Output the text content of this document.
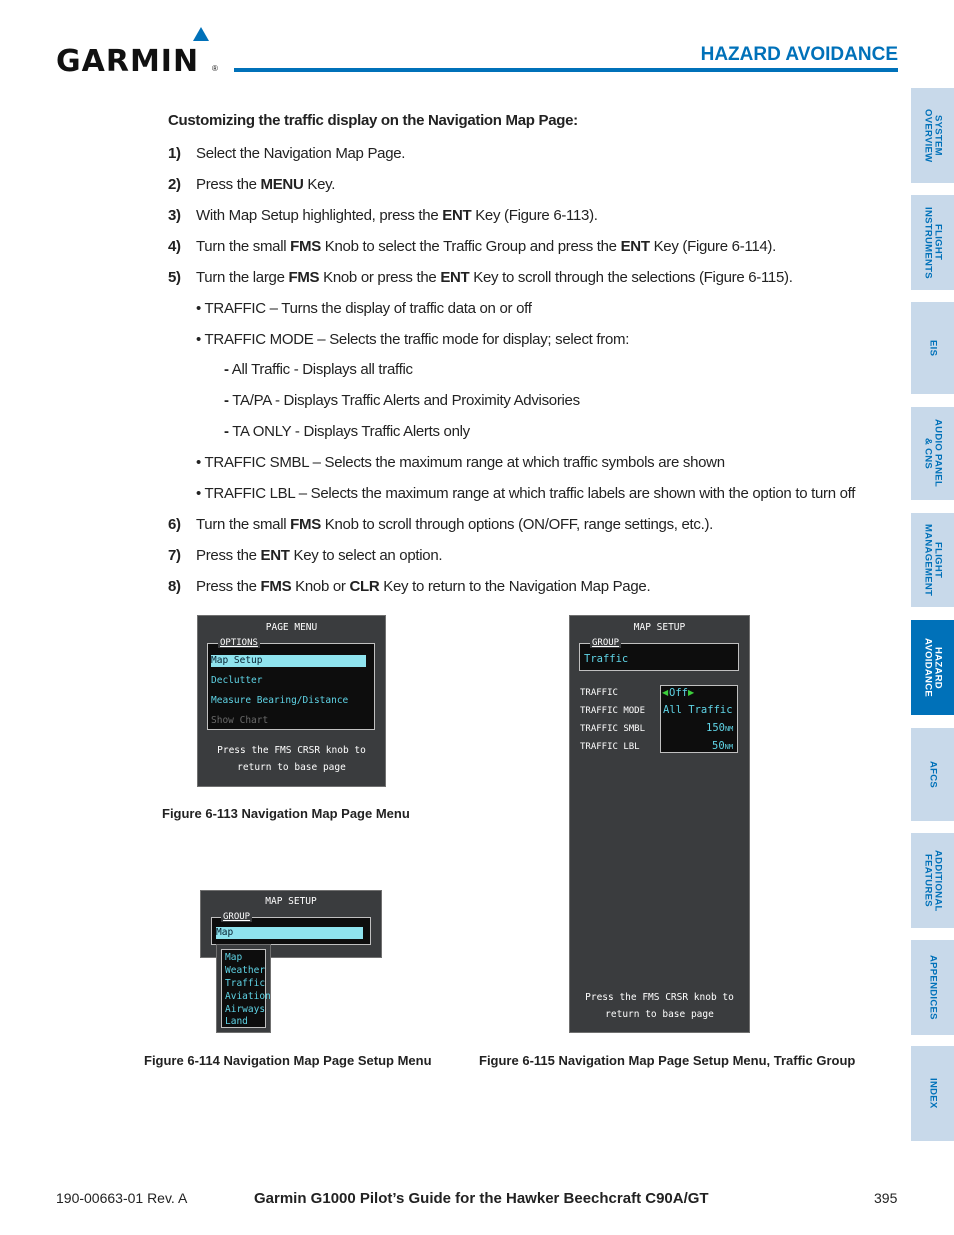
GARMIN ®
HAZARD AVOIDANCE
Customizing the traffic display on the Navigation Map Page:
1) Select the Navigation Map Page.
2) Press the MENU Key.
3) With Map Setup highlighted, press the ENT Key (Figure 6-113).
4) Turn the small FMS Knob to select the Traffic Group and press the ENT Key (Figure 6-114).
5) Turn the large FMS Knob or press the ENT Key to scroll through the selections (Figure 6-115).
• TRAFFIC – Turns the display of traffic data on or off
• TRAFFIC MODE – Selects the traffic mode for display; select from:
- All Traffic - Displays all traffic
- TA/PA - Displays Traffic Alerts and Proximity Advisories
- TA ONLY - Displays Traffic Alerts only
• TRAFFIC SMBL – Selects the maximum range at which traffic symbols are shown
• TRAFFIC LBL – Selects the maximum range at which traffic labels are shown with the option to turn off
6) Turn the small FMS Knob to scroll through options (ON/OFF, range settings, etc.).
7) Press the ENT Key to select an option.
8) Press the FMS Knob or CLR Key to return to the Navigation Map Page.
PAGE MENU
OPTIONS
Map Setup
Declutter
Measure Bearing/Distance
Show Chart
Press the FMS CRSR knob to
return to base page
Figure 6-113 Navigation Map Page Menu
MAP SETUP
GROUP
Map
Map
Weather
Traffic
Aviation
Airways
Land
Figure 6-114 Navigation Map Page Setup Menu
MAP SETUP
GROUP
Traffic
TRAFFIC
TRAFFIC MODE
TRAFFIC SMBL
TRAFFIC LBL
◀ Off ▶
All Traffic
150NM
50NM
Press the FMS CRSR knob to
return to base page
Figure 6-115 Navigation Map Page Setup Menu, Traffic Group
SYSTEM
OVERVIEW
FLIGHT
INSTRUMENTS
EIS
AUDIO PANEL
& CNS
FLIGHT
MANAGEMENT
HAZARD
AVOIDANCE
AFCS
ADDITIONAL
FEATURES
APPENDICES
INDEX
190-00663-01 Rev. A	Garmin G1000 Pilot’s Guide for the Hawker Beechcraft C90A/GT	395
